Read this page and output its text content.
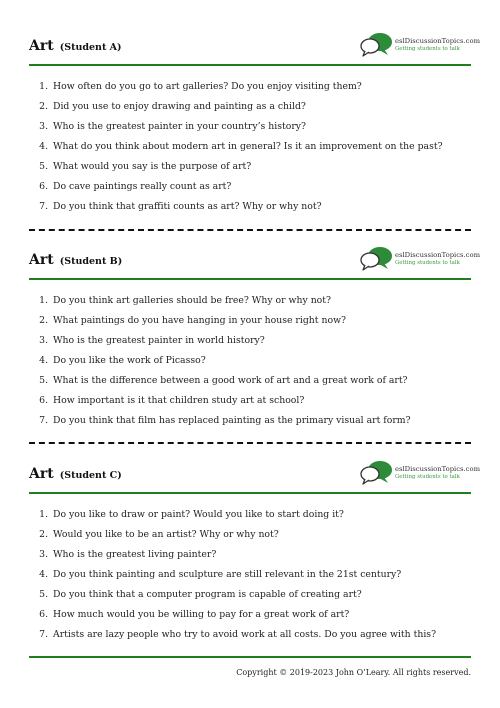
Art (Student A)
eslDiscussionTopics.com
Getting students to talk
1. How often do you go to art galleries? Do you enjoy visiting them?
2. Did you use to enjoy drawing and painting as a child?
3. Who is the greatest painter in your country’s history?
4. What do you think about modern art in general? Is it an improvement on the past?
5. What would you say is the purpose of art?
6. Do cave paintings really count as art?
7. Do you think that graffiti counts as art? Why or why not?
Art (Student B)
eslDiscussionTopics.com
Getting students to talk
1. Do you think art galleries should be free? Why or why not?
2. What paintings do you have hanging in your house right now?
3. Who is the greatest painter in world history?
4. Do you like the work of Picasso?
5. What is the difference between a good work of art and a great work of art?
6. How important is it that children study art at school?
7. Do you think that film has replaced painting as the primary visual art form?
Art (Student C)
eslDiscussionTopics.com
Getting students to talk
1. Do you like to draw or paint? Would you like to start doing it?
2. Would you like to be an artist? Why or why not?
3. Who is the greatest living painter?
4. Do you think painting and sculpture are still relevant in the 21st century?
5. Do you think that a computer program is capable of creating art?
6. How much would you be willing to pay for a great work of art?
7. Artists are lazy people who try to avoid work at all costs. Do you agree with this?
Copyright © 2019-2023 John O’Leary. All rights reserved.
